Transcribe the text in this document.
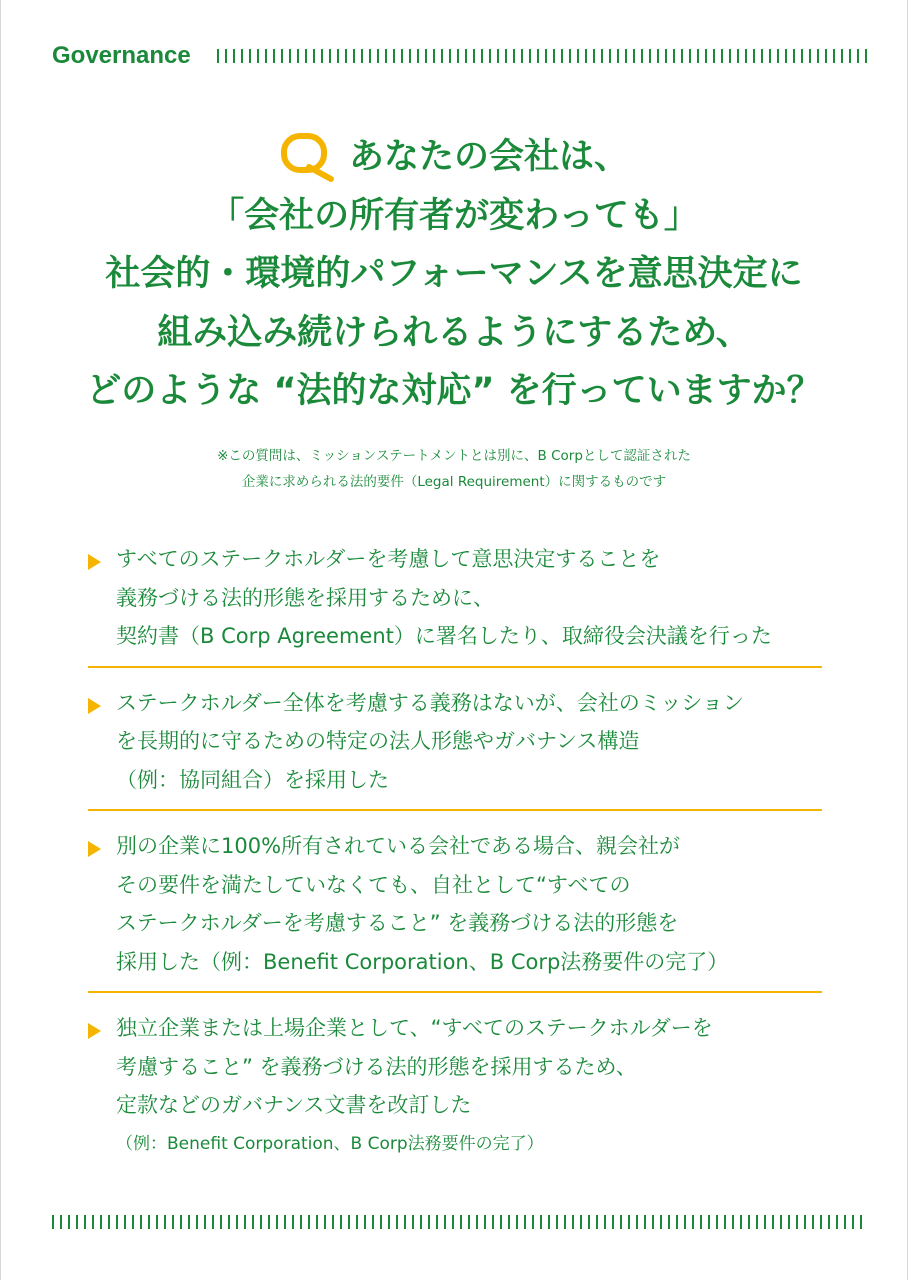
Governance
あなたの会社は、
「会社の所有者が変わっても」
社会的・環境的パフォーマンスを意思決定に
組み込み続けられるようにするため、
どのような “法的な対応” を行っていますか？
※この質問は、ミッションステートメントとは別に、B Corpとして認証された
企業に求められる法的要件（Legal Requirement）に関するものです
すべてのステークホルダーを考慮して意思決定することを
義務づける法的形態を採用するために、
契約書（B Corp Agreement）に署名したり、取締役会決議を行った
ステークホルダー全体を考慮する義務はないが、会社のミッション
を長期的に守るための特定の法人形態やガバナンス構造
（例：協同組合）を採用した
別の企業に100%所有されている会社である場合、親会社が
その要件を満たしていなくても、自社として“すべての
ステークホルダーを考慮すること” を義務づける法的形態を
採用した（例：Benefit Corporation、B Corp法務要件の完了）
独立企業または上場企業として、“すべてのステークホルダーを
考慮すること” を義務づける法的形態を採用するため、
定款などのガバナンス文書を改訂した
（例：Benefit Corporation、B Corp法務要件の完了）
